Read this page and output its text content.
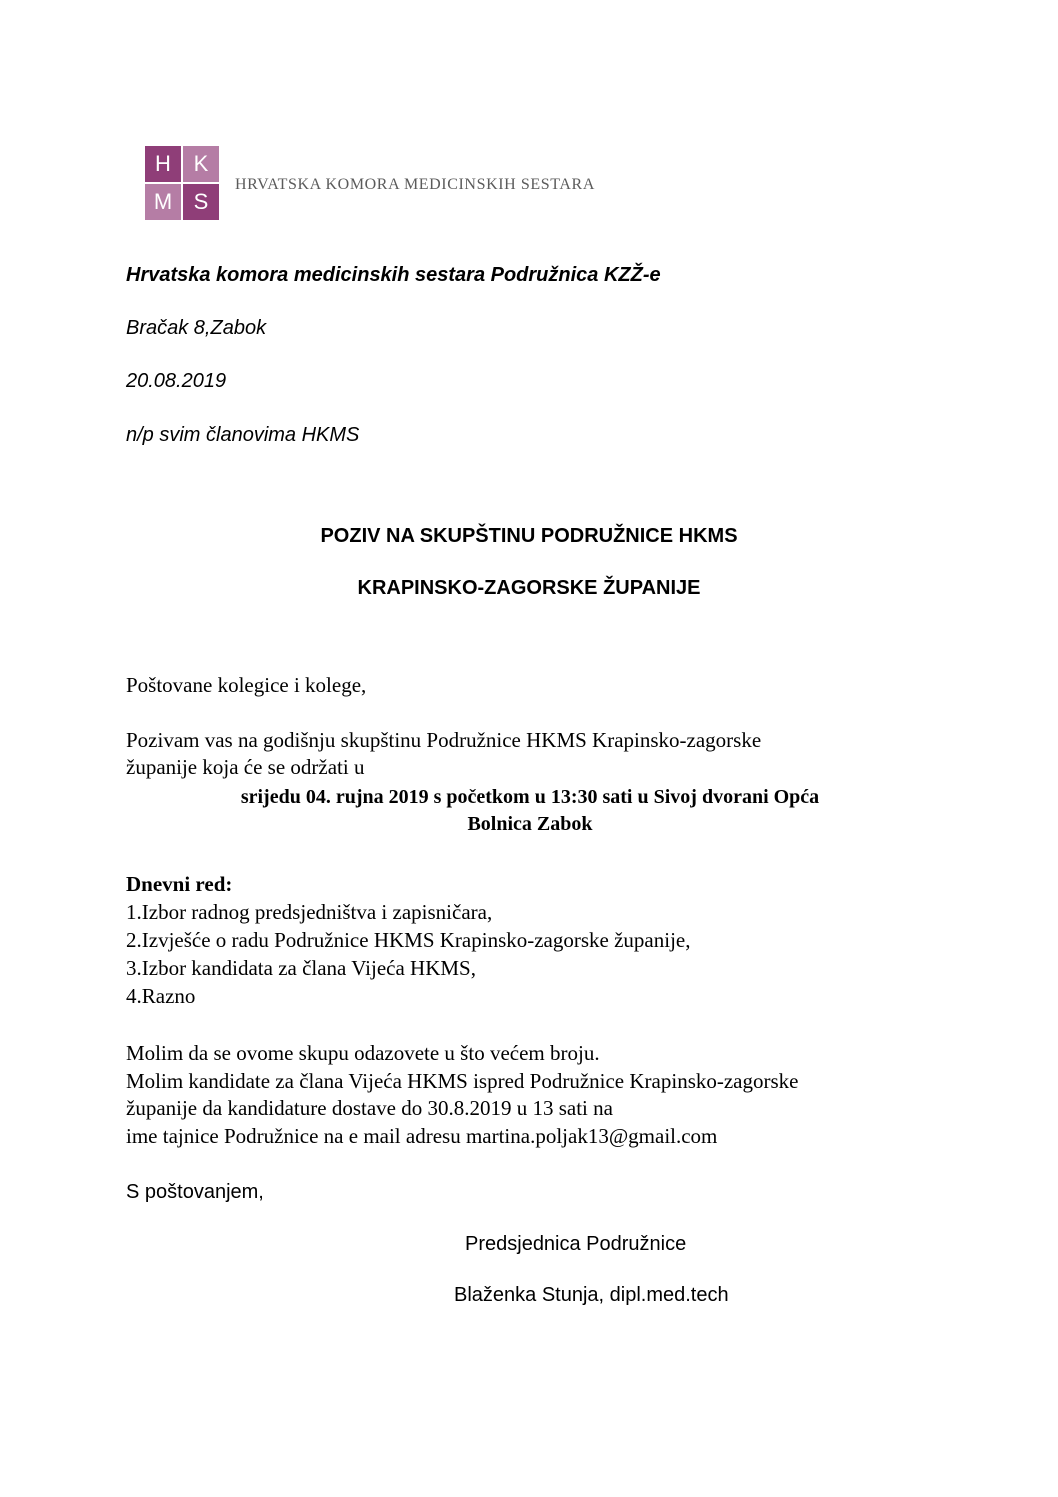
H	K
M S
HRVATSKA KOMORA MEDICINSKIH SESTARA

Hrvatska komora medicinskih sestara Podružnica KZŽ-e

Bračak 8,Zabok

20.08.2019

n/p svim članovima HKMS

POZIV NA SKUPŠTINU PODRUŽNICE HKMS
KRAPINSKO-ZAGORSKE ŽUPANIJE

Poštovane kolegice i kolege,

Pozivam vas na godišnju skupštinu Podružnice HKMS Krapinsko-zagorske

županije koja će se održati u

srijedu 04. rujna 2019 s početkom u 13:30 sati u Sivoj dvorani Opća
Bolnica Zabok

Dnevni red:

1.Izbor radnog predsjedništva i zapisničara,

2.Izvješće o radu Podružnice HKMS Krapinsko-zagorske županije,

3.Izbor kandidata za člana Vijeća HKMS,

4.Razno

Molim da se ovome skupu odazovete u što većem broju.

Molim kandidate za člana Vijeća HKMS ispred Podružnice Krapinsko-zagorske

županije da kandidature dostave do 30.8.2019 u 13 sati na

ime tajnice Podružnice na e mail adresu martina.poljak13@gmail.com

S poštovanjem,

Predsjednica Podružnice

Blaženka Stunja, dipl.med.tech
